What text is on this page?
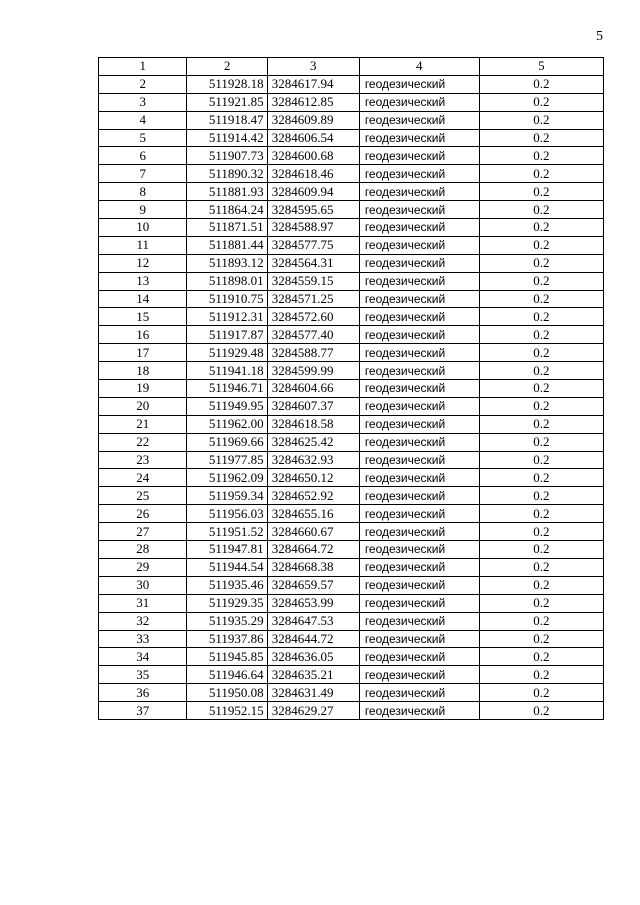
5
1	2	3	4	5
2	511928.18	3284617.94	геодезический	0.2
3	511921.85	3284612.85	геодезический	0.2
4	511918.47	3284609.89	геодезический	0.2
5	511914.42	3284606.54	геодезический	0.2
6	511907.73	3284600.68	геодезический	0.2
7	511890.32	3284618.46	геодезический	0.2
8	511881.93	3284609.94	геодезический	0.2
9	511864.24	3284595.65	геодезический	0.2
10	511871.51	3284588.97	геодезический	0.2
11	511881.44	3284577.75	геодезический	0.2
12	511893.12	3284564.31	геодезический	0.2
13	511898.01	3284559.15	геодезический	0.2
14	511910.75	3284571.25	геодезический	0.2
15	511912.31	3284572.60	геодезический	0.2
16	511917.87	3284577.40	геодезический	0.2
17	511929.48	3284588.77	геодезический	0.2
18	511941.18	3284599.99	геодезический	0.2
19	511946.71	3284604.66	геодезический	0.2
20	511949.95	3284607.37	геодезический	0.2
21	511962.00	3284618.58	геодезический	0.2
22	511969.66	3284625.42	геодезический	0.2
23	511977.85	3284632.93	геодезический	0.2
24	511962.09	3284650.12	геодезический	0.2
25	511959.34	3284652.92	геодезический	0.2
26	511956.03	3284655.16	геодезический	0.2
27	511951.52	3284660.67	геодезический	0.2
28	511947.81	3284664.72	геодезический	0.2
29	511944.54	3284668.38	геодезический	0.2
30	511935.46	3284659.57	геодезический	0.2
31	511929.35	3284653.99	геодезический	0.2
32	511935.29	3284647.53	геодезический	0.2
33	511937.86	3284644.72	геодезический	0.2
34	511945.85	3284636.05	геодезический	0.2
35	511946.64	3284635.21	геодезический	0.2
36	511950.08	3284631.49	геодезический	0.2
37	511952.15	3284629.27	геодезический	0.2
